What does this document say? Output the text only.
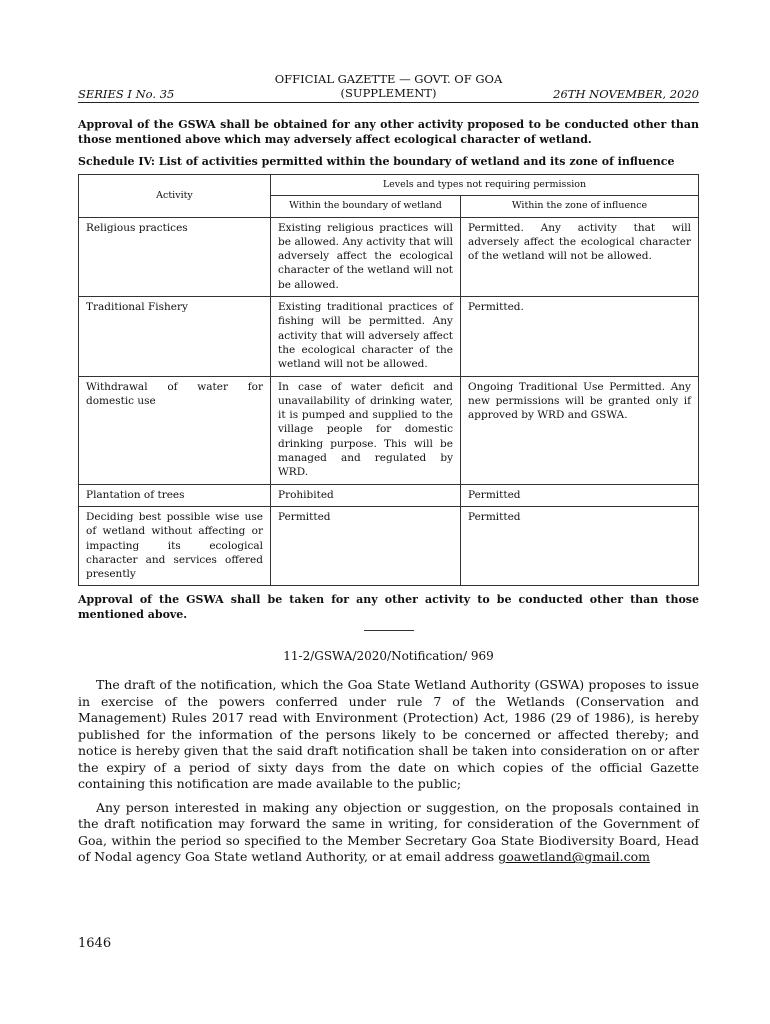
OFFICIAL GAZETTE — GOVT. OF GOA
(SUPPLEMENT)
SERIES I No. 35	26TH NOVEMBER, 2020

Approval of the GSWA shall be obtained for any other activity proposed to be conducted other than those mentioned above which may adversely affect ecological character of wetland.

Schedule IV: List of activities permitted within the boundary of wetland and its zone of influence

Activity	Levels and types not requiring permission	
	Within the boundary of wetland	Within the zone of influence
Religious practices	Existing religious practices will be allowed. Any activity that will adversely affect the ecological character of the wetland will not be allowed.	Permitted. Any activity that will adversely affect the ecological character of the wetland will not be allowed.
Traditional Fishery	Existing traditional practices of fishing will be permitted. Any activity that will adversely affect the ecological character of the wetland will not be allowed.	Permitted.
Withdrawal of water for domestic use	In case of water deficit and unavailability of drinking water, it is pumped and supplied to the village people for domestic drinking purpose. This will be managed and regulated by WRD.	Ongoing Traditional Use Permitted. Any new permissions will be granted only if approved by WRD and GSWA.
Plantation of trees	Prohibited	Permitted
Deciding best possible wise use of wetland without affecting or impacting its ecological character and services offered presently	Permitted	Permitted

Approval of the GSWA shall be taken for any other activity to be conducted other than those mentioned above.

11-2/GSWA/2020/Notification/ 969

The draft of the notification, which the Goa State Wetland Authority (GSWA) proposes to issue in exercise of the powers conferred under rule 7 of the Wetlands (Conservation and Management) Rules 2017 read with Environment (Protection) Act, 1986 (29 of 1986), is hereby published for the information of the persons likely to be concerned or affected thereby; and notice is hereby given that the said draft notification shall be taken into consideration on or after the expiry of a period of sixty days from the date on which copies of the official Gazette containing this notification are made available to the public;

Any person interested in making any objection or suggestion, on the proposals contained in the draft notification may forward the same in writing, for consideration of the Government of Goa, within the period so specified to the Member Secretary Goa State Biodiversity Board, Head of Nodal agency Goa State wetland Authority, or at email address goawetland@gmail.com

1646
